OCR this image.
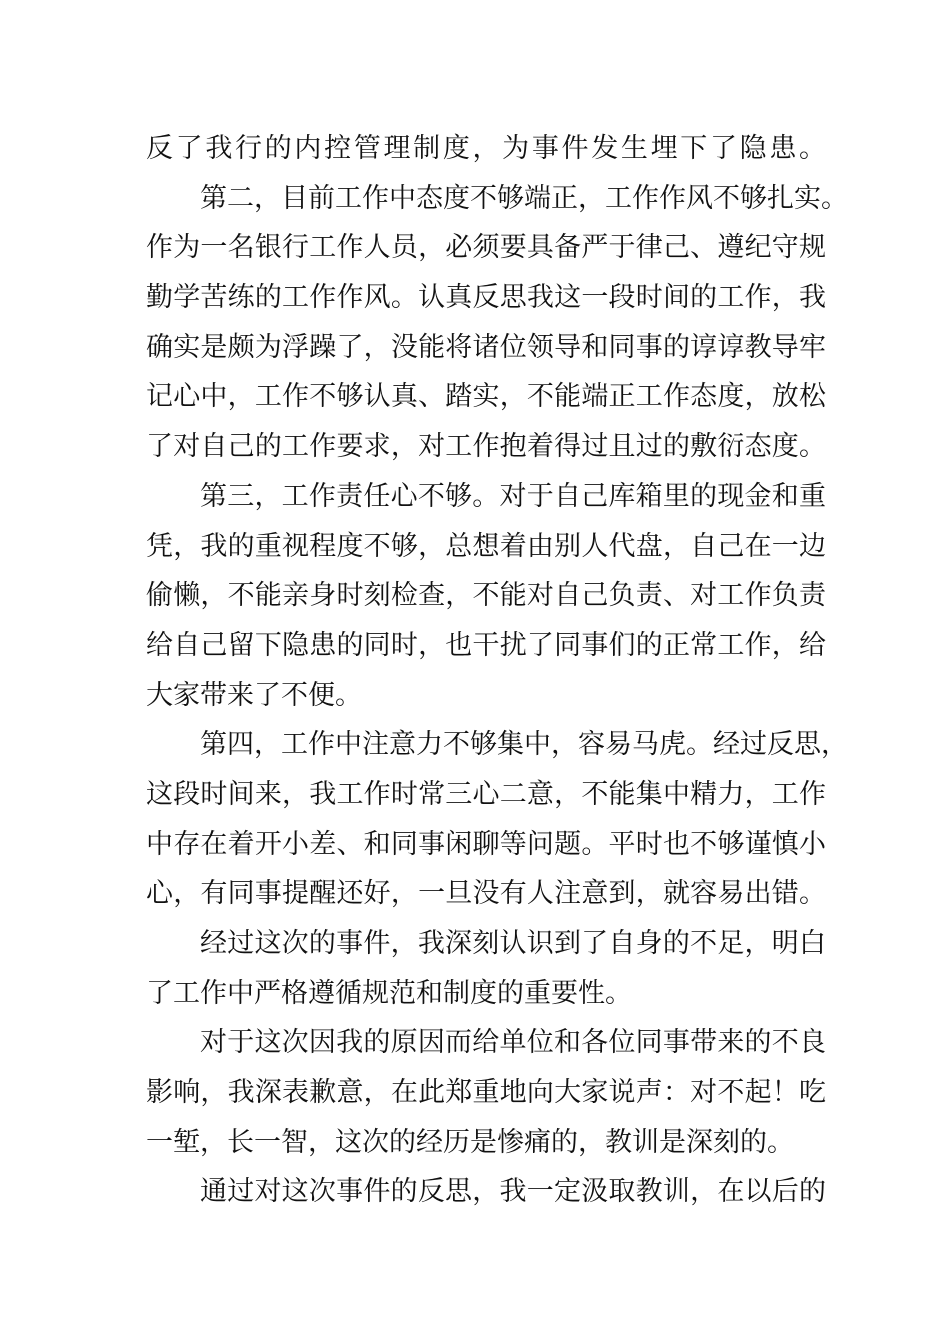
反了我行的内控管理制度，为事件发生埋下了隐患。
第二，目前工作中态度不够端正，工作作风不够扎实。
作为一名银行工作人员，必须要具备严于律己、遵纪守规
勤学苦练的工作作风。认真反思我这一段时间的工作，我
确实是颇为浮躁了，没能将诸位领导和同事的谆谆教导牢
记心中，工作不够认真、踏实，不能端正工作态度，放松
了对自己的工作要求，对工作抱着得过且过的敷衍态度。
第三，工作责任心不够。对于自己库箱里的现金和重
凭，我的重视程度不够，总想着由别人代盘，自己在一边
偷懒，不能亲身时刻检查，不能对自己负责、对工作负责
给自己留下隐患的同时，也干扰了同事们的正常工作，给
大家带来了不便。
第四，工作中注意力不够集中，容易马虎。经过反思，
这段时间来，我工作时常三心二意，不能集中精力，工作
中存在着开小差、和同事闲聊等问题。平时也不够谨慎小
心，有同事提醒还好，一旦没有人注意到，就容易出错。
经过这次的事件，我深刻认识到了自身的不足，明白
了工作中严格遵循规范和制度的重要性。
对于这次因我的原因而给单位和各位同事带来的不良
影响，我深表歉意，在此郑重地向大家说声：对不起！吃
一堑，长一智，这次的经历是惨痛的，教训是深刻的。
通过对这次事件的反思，我一定汲取教训，在以后的
